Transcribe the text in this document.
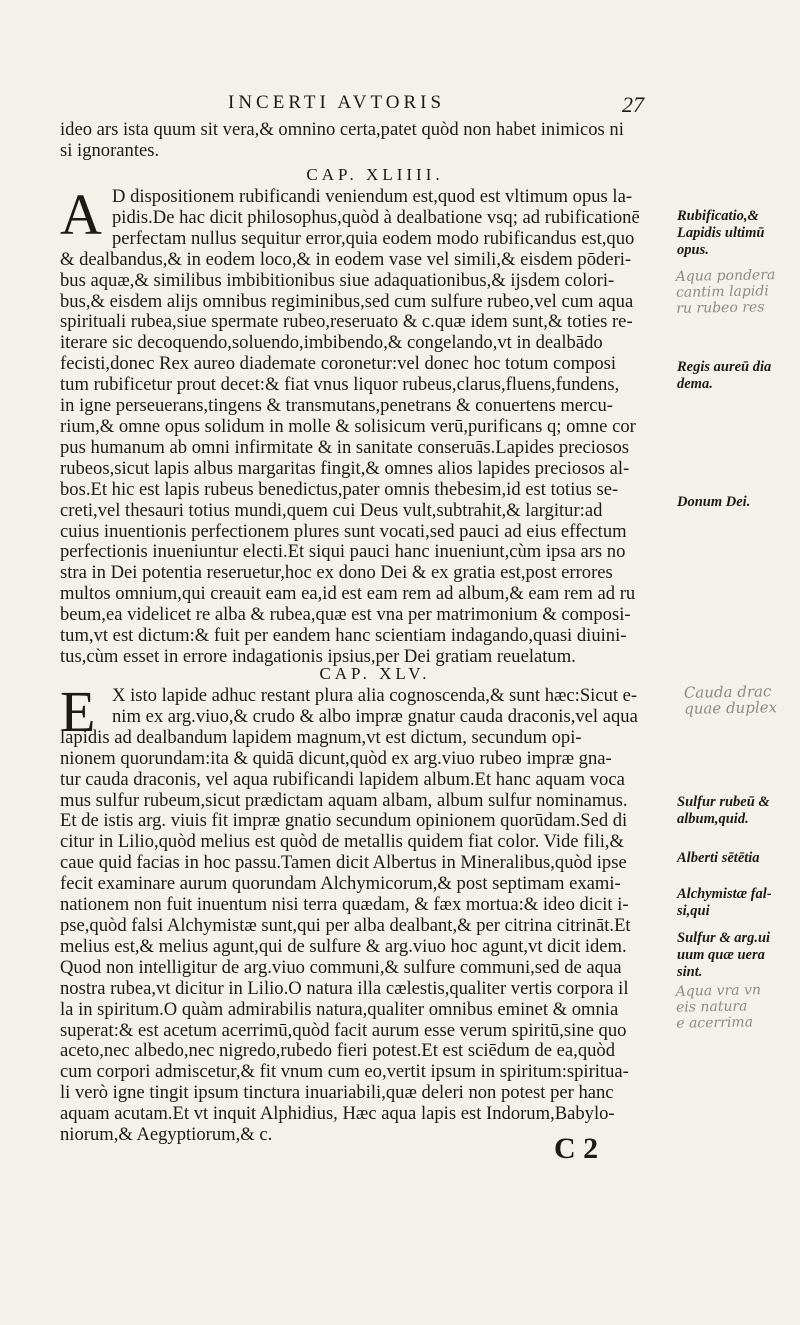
INCERTI AVTORIS	27
ideo ars ista quum sit vera,& omnino certa,patet quòd non habet inimicos ni
si ignorantes.
CAP. XLIIII.
A D dispositionem rubificandi veniendum est,quod est vltimum opus la-
pidis.De hac dicit philosophus,quòd à dealbatione vsq; ad rubificationē
perfectam nullus sequitur error,quia eodem modo rubificandus est,quo
& dealbandus,& in eodem loco,& in eodem vase vel simili,& eisdem pōderi-
bus aquæ,& similibus imbibitionibus siue adaquationibus,& ijsdem colori-
bus,& eisdem alijs omnibus regiminibus,sed cum sulfure rubeo,vel cum aqua
spirituali rubea,siue spermate rubeo,reseruato & c.quæ idem sunt,& toties re-
iterare sic decoquendo,soluendo,imbibendo,& congelando,vt in dealbādo
fecisti,donec Rex aureo diademate coronetur:vel donec hoc totum composi
tum rubificetur prout decet:& fiat vnus liquor rubeus,clarus,fluens,fundens,
in igne perseuerans,tingens & transmutans,penetrans & conuertens mercu-
rium,& omne opus solidum in molle & solisicum verū,purificans q; omne cor
pus humanum ab omni infirmitate & in sanitate conseruās.Lapides preciosos
rubeos,sicut lapis albus margaritas fingit,& omnes alios lapides preciosos al-
bos.Et hic est lapis rubeus benedictus,pater omnis thebesim,id est totius se-
creti,vel thesauri totius mundi,quem cui Deus vult,subtrahit,& largitur:ad
cuius inuentionis perfectionem plures sunt vocati,sed pauci ad eius effectum
perfectionis inueniuntur electi.Et siqui pauci hanc inueniunt,cùm ipsa ars no
stra in Dei potentia reseruetur,hoc ex dono Dei & ex gratia est,post errores
multos omnium,qui creauit eam ea,id est eam rem ad album,& eam rem ad ru
beum,ea videlicet re alba & rubea,quæ est vna per matrimonium & composi-
tum,vt est dictum:& fuit per eandem hanc scientiam indagando,quasi diuini-
tus,cùm esset in errore indagationis ipsius,per Dei gratiam reuelatum.
CAP. XLV.
E X isto lapide adhuc restant plura alia cognoscenda,& sunt hæc:Sicut e-
nim ex arg.viuo,& crudo & albo impræ gnatur cauda draconis,vel aqua
lapidis ad dealbandum lapidem magnum,vt est dictum, secundum opi-
nionem quorundam:ita & quidā dicunt,quòd ex arg.viuo rubeo impræ gna-
tur cauda draconis, vel aqua rubificandi lapidem album.Et hanc aquam voca
mus sulfur rubeum,sicut prædictam aquam albam, album sulfur nominamus.
Et de istis arg. viuis fit impræ gnatio secundum opinionem quorūdam.Sed di
citur in Lilio,quòd melius est quòd de metallis quidem fiat color. Vide fili,&
caue quid facias in hoc passu.Tamen dicit Albertus in Mineralibus,quòd ipse
fecit examinare aurum quorundam Alchymicorum,& post septimam exami-
nationem non fuit inuentum nisi terra quædam, & fæx mortua:& ideo dicit i-
pse,quòd falsi Alchymistæ sunt,qui per alba dealbant,& per citrina citrināt.Et
melius est,& melius agunt,qui de sulfure & arg.viuo hoc agunt,vt dicit idem.
Quod non intelligitur de arg.viuo communi,& sulfure communi,sed de aqua
nostra rubea,vt dicitur in Lilio.O natura illa cælestis,qualiter vertis corpora il
la in spiritum.O quàm admirabilis natura,qualiter omnibus eminet & omnia
superat:& est acetum acerrimū,quòd facit aurum esse verum spiritū,sine quo
aceto,nec albedo,nec nigredo,rubedo fieri potest.Et est sciēdum de ea,quòd
cum corpori admiscetur,& fit vnum cum eo,vertit ipsum in spiritum:spiritua-
li verò igne tingit ipsum tinctura inuariabili,quæ deleri non potest per hanc
aquam acutam.Et vt inquit Alphidius, Hæc aqua lapis est Indorum,Babylo-
niorum,& Aegyptiorum,& c.	C 2
Rubificatio,&
Lapidis ultimū
opus.
Regis aureū dia
dema.
Donum Dei.
Sulfur rubeū &
album,quid.
Alberti sētētia
Alchymistæ fal-
si,qui
Sulfur & arg.ui
uum quæ uera
sint.
Aqua pondera
cantim lapidi
ru rubeo res
Cauda drac
quae duplex
Aqua vra vn
eis natura
e acerrima
